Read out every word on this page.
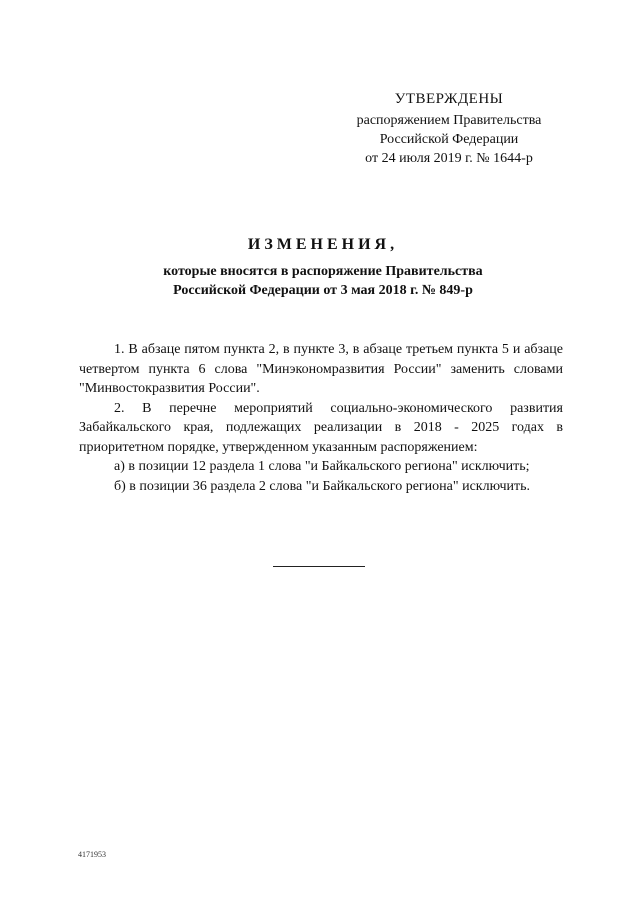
УТВЕРЖДЕНЫ
распоряжением Правительства
Российской Федерации
от 24 июля 2019 г. № 1644-р
ИЗМЕНЕНИЯ,
которые вносятся в распоряжение Правительства
Российской Федерации от 3 мая 2018 г. № 849-р

1. В абзаце пятом пункта 2, в пункте 3, в абзаце третьем пункта 5 и абзаце четвертом пункта 6 слова "Минэкономразвития России" заменить словами "Минвостокразвития России".

2. В перечне мероприятий социально-экономического развития Забайкальского края, подлежащих реализации в 2018 - 2025 годах в приоритетном порядке, утвержденном указанным распоряжением:

а) в позиции 12 раздела 1 слова "и Байкальского региона" исключить;

б) в позиции 36 раздела 2 слова "и Байкальского региона" исключить.

4171953
